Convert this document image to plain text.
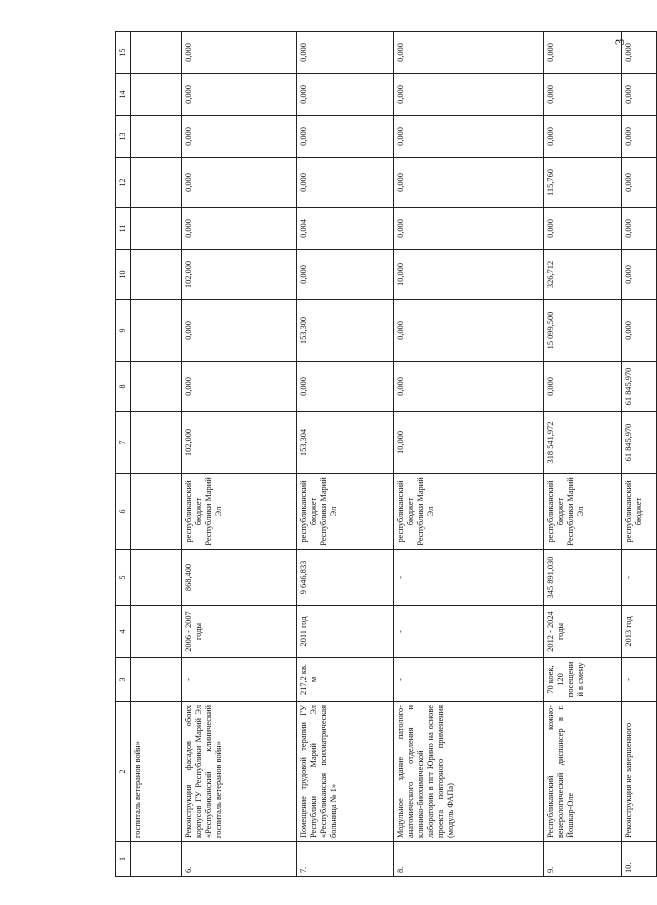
3
1	2	3	4	5	6	7	8	9	10	11	12	13	14	15
	госпиталь ветеранов войн»													
6.	Реконструкция фасадов обоих корпусов ГУ Республики Марий Эл «Республиканский клинический госпиталь ветеранов войн»	-	2006 - 2007 годы	868,400	республиканский бюджет Республики Марий Эл	102,000	0,000	0,000	102,000	0,000	0,000	0,000	0,000	0,000
7.	Помещение трудовой терапии ГУ Республики Марий Эл «Республиканская психиатрическая больница № 1»	217,2 кв. м	2011 год	9 646,833	республиканский бюджет Республики Марий Эл	153,304	0,000	153,300	0,000	0,004	0,000	0,000	0,000	0,000
8.	Модульное здание патолого-анатомического отделения и клинико-биохимической лаборатории в пгт Юрино на основе проекта повторного применения (модуль ФАПа)	-	-	-	республиканский бюджет Республики Марий Эл	10,000	0,000	0,000	10,000	0,000	0,000	0,000	0,000	0,000
9.	Республиканский кожно-венерологический диспансер в г. Йошкар-Оле	70 коек, 120 посещений в смену	2012 - 2024 годы	345 891,030	республиканский бюджет Республики Марий Эл	318 541,972	0,000	15 099,500	326,712	0,000	115,760	0,000	0,000	0,000
10.	Реконструкция не завершенного	-	2013 год	-	республиканский бюджет	61 845,970	61 845,970	0,000	0,000	0,000	0,000	0,000	0,000	0,000
